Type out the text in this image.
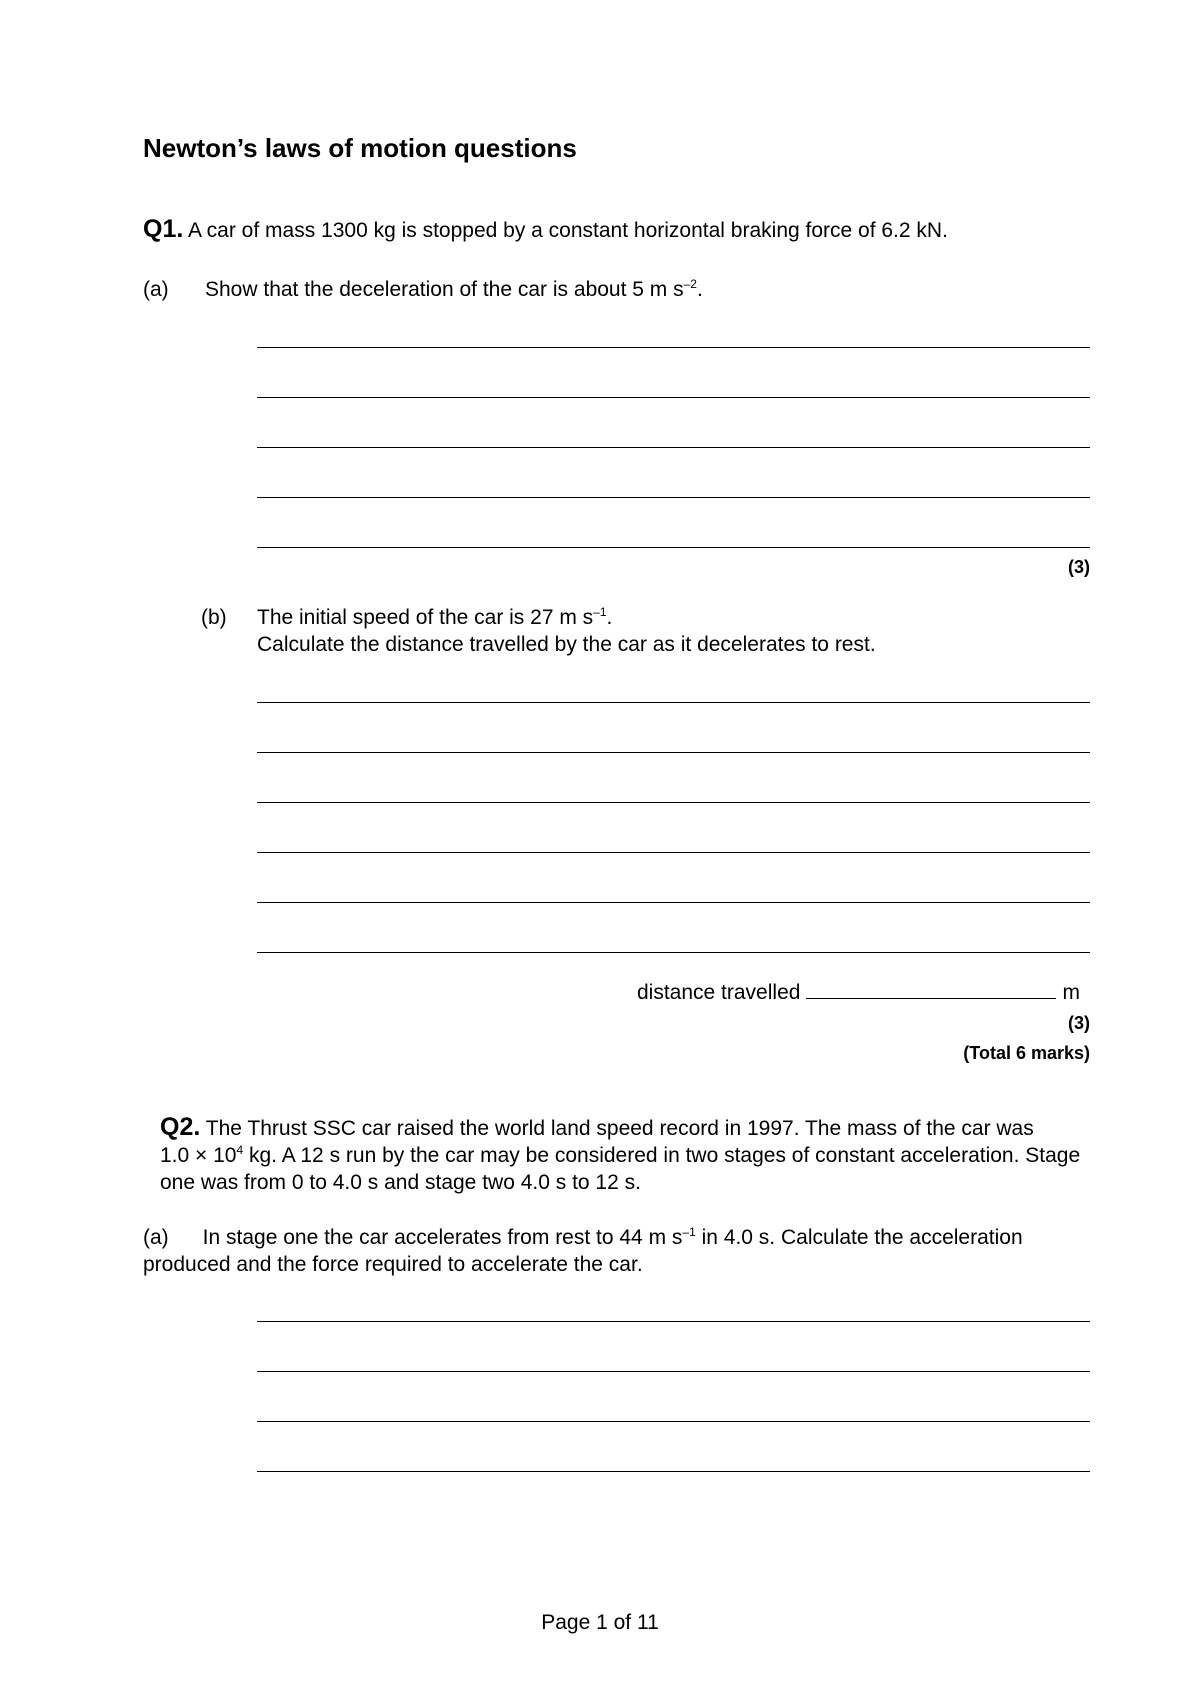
Newton’s laws of motion questions
Q1. A car of mass 1300 kg is stopped by a constant horizontal braking force of 6.2 kN.
(a) Show that the deceleration of the car is about 5 m $s^{-2}$.
(3)
(b) The initial speed of the car is 27 m $s^{-1}$.
Calculate the distance travelled by the car as it decelerates to rest.
distance travelled	m
(3)
(Total 6 marks)
Q2. The Thrust SSC car raised the world land speed record in 1997. The mass of the car was
$1.0 \times 10^4$ kg. A 12 s run by the car may be considered in two stages of constant acceleration. Stage
one was from 0 to 4.0 s and stage two 4.0 s to 12 s.
(a) In stage one the car accelerates from rest to 44 m $s^{-1}$ in 4.0 s. Calculate the acceleration
produced and the force required to accelerate the car.
Page 1 of 11
